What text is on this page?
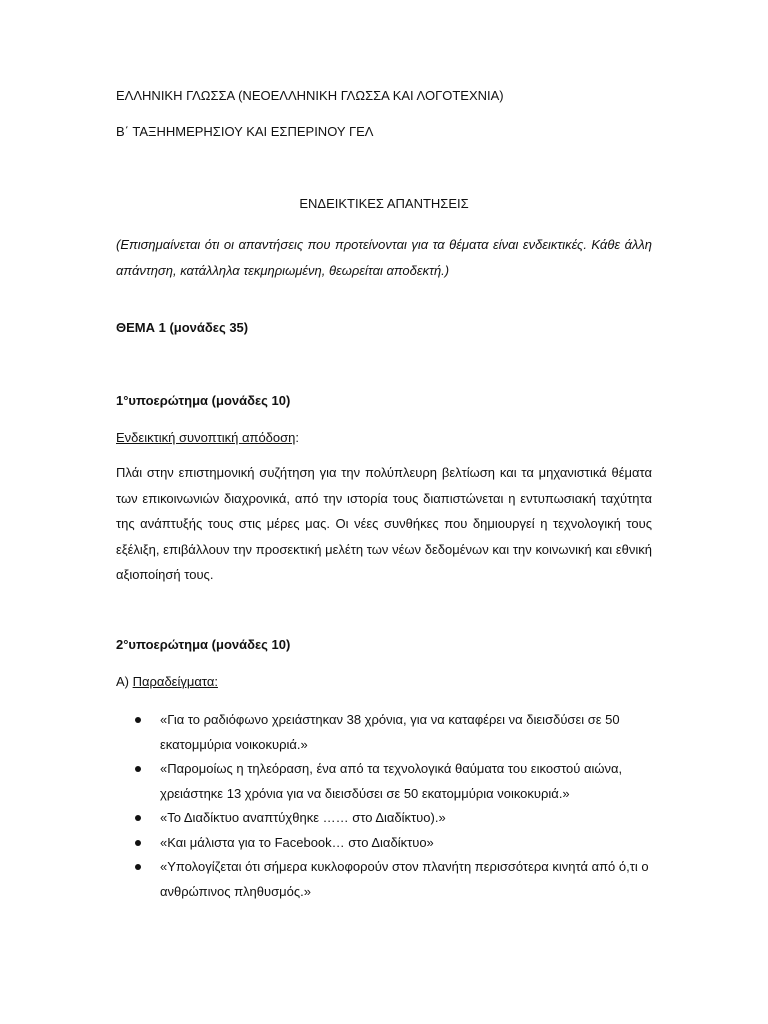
ΕΛΛΗΝΙΚΗ ΓΛΩΣΣΑ (ΝΕΟΕΛΛΗΝΙΚΗ ΓΛΩΣΣΑ ΚΑΙ ΛΟΓΟΤΕΧΝΙΑ)
Β΄ ΤΑΞΗΗΜΕΡΗΣΙΟΥ ΚΑΙ ΕΣΠΕΡΙΝΟΥ ΓΕΛ
ΕΝΔΕΙΚΤΙΚΕΣ ΑΠΑΝΤΗΣΕΙΣ
(Επισημαίνεται ότι οι απαντήσεις που προτείνονται για τα θέματα είναι ενδεικτικές. Κάθε άλλη απάντηση, κατάλληλα τεκμηριωμένη, θεωρείται αποδεκτή.)
ΘΕΜΑ 1 (μονάδες 35)
1°υποερώτημα (μονάδες 10)
Ενδεικτική συνοπτική απόδοση:
Πλάι στην επιστημονική συζήτηση για την πολύπλευρη βελτίωση και τα μηχανιστικά θέματα των επικοινωνιών διαχρονικά, από την ιστορία τους διαπιστώνεται η εντυπωσιακή ταχύτητα της ανάπτυξής τους στις μέρες μας. Οι νέες συνθήκες που δημιουργεί η τεχνολογική τους εξέλιξη, επιβάλλουν την προσεκτική μελέτη των νέων δεδομένων και την κοινωνική και εθνική αξιοποίησή τους.
2°υποερώτημα (μονάδες 10)
Α) Παραδείγματα:
«Για το ραδιόφωνο χρειάστηκαν 38 χρόνια, για να καταφέρει να διεισδύσει σε 50 εκατομμύρια νοικοκυριά.»
«Παρομοίως η τηλεόραση, ένα από τα τεχνολογικά θαύματα του εικοστού αιώνα, χρειάστηκε 13 χρόνια για να διεισδύσει σε 50 εκατομμύρια νοικοκυριά.»
«Το Διαδίκτυο αναπτύχθηκε …… στο Διαδίκτυο).»
«Και μάλιστα για το Facebook… στο Διαδίκτυο»
«Υπολογίζεται ότι σήμερα κυκλοφορούν στον πλανήτη περισσότερα κινητά από ό,τι ο ανθρώπινος πληθυσμός.»
